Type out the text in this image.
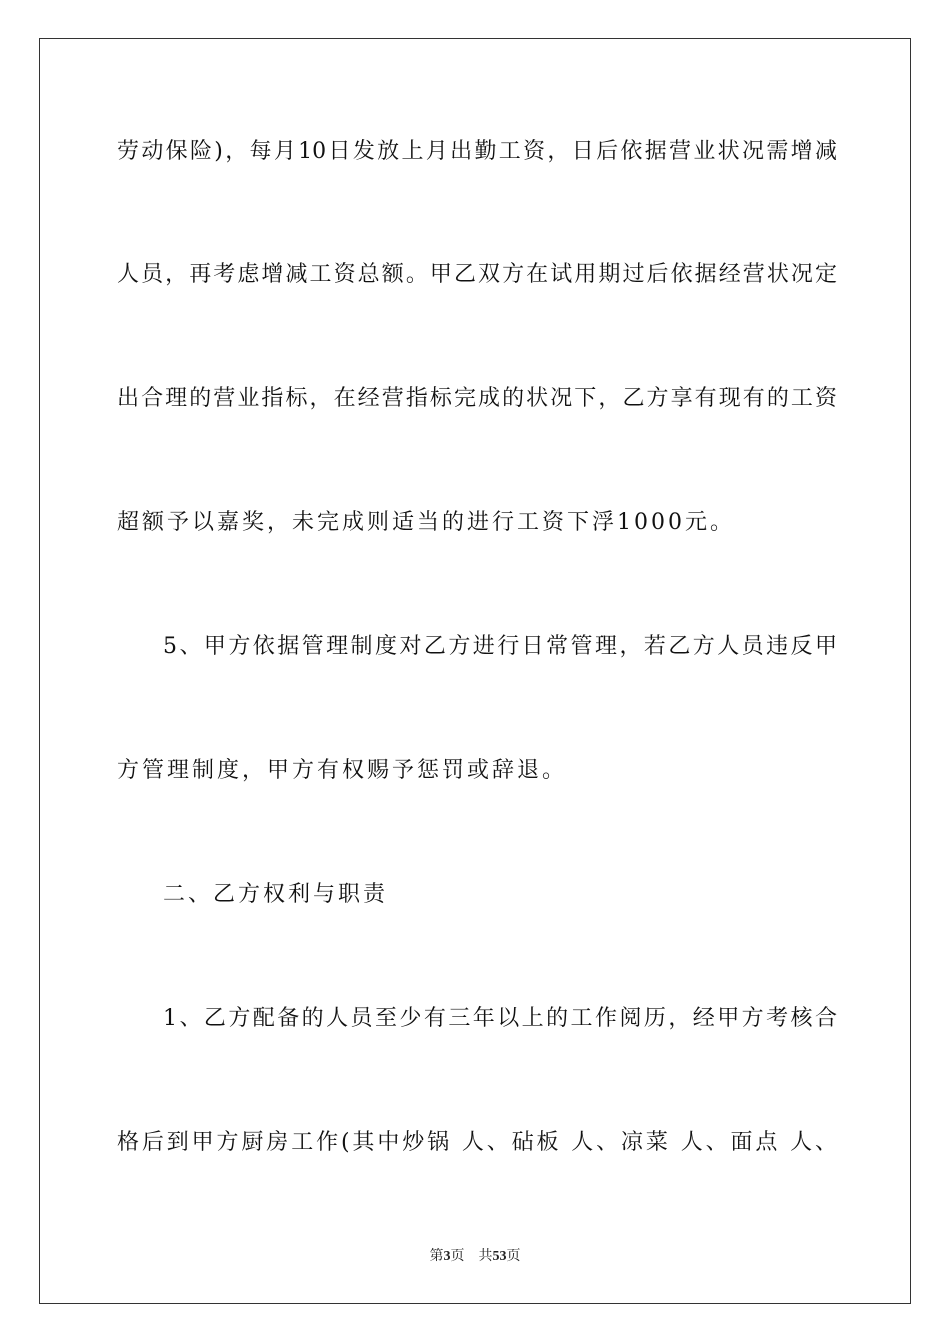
劳动保险)，每月10日发放上月出勤工资，日后依据营业状况需增减
人员，再考虑增减工资总额。甲乙双方在试用期过后依据经营状况定
出合理的营业指标，在经营指标完成的状况下，乙方享有现有的工资
超额予以嘉奖，未完成则适当的进行工资下浮1000元。
5、甲方依据管理制度对乙方进行日常管理，若乙方人员违反甲
方管理制度，甲方有权赐予惩罚或辞退。
二、乙方权利与职责
1、乙方配备的人员至少有三年以上的工作阅历，经甲方考核合
格后到甲方厨房工作(其中炒锅 人、砧板 人、凉菜 人、面点 人、
第3页 共53页
